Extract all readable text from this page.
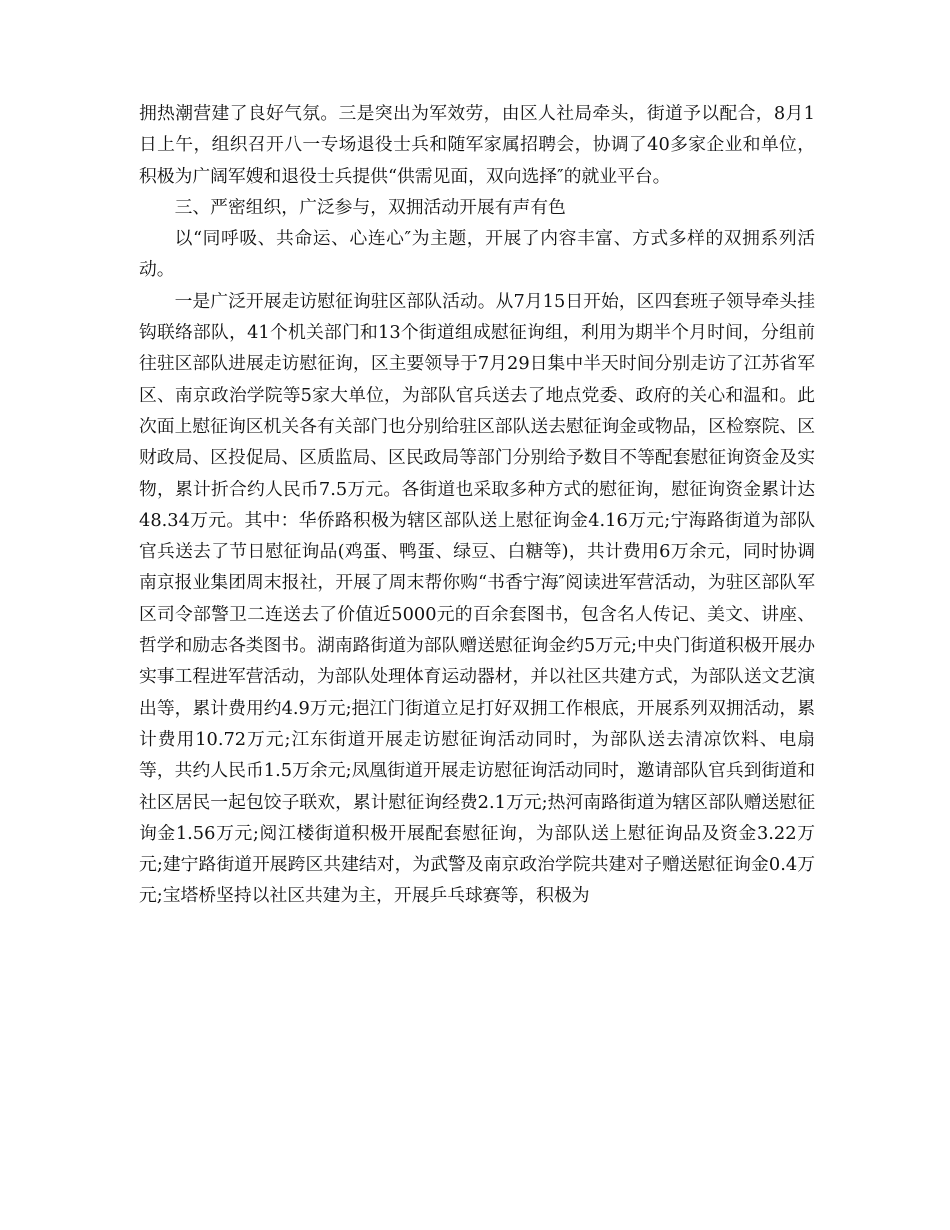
拥热潮营建了良好气氛。三是突出为军效劳，由区人社局牵头，街道予以配合，8月1日上午，组织召开八一专场退役士兵和随军家属招聘会，协调了40多家企业和单位，积极为广阔军嫂和退役士兵提供“供需见面，双向选择″的就业平台。

三、严密组织，广泛参与，双拥活动开展有声有色

以“同呼吸、共命运、心连心″为主题，开展了内容丰富、方式多样的双拥系列活动。

一是广泛开展走访慰征询驻区部队活动。从7月15日开始，区四套班子领导牵头挂钩联络部队，41个机关部门和13个街道组成慰征询组，利用为期半个月时间，分组前往驻区部队进展走访慰征询，区主要领导于7月29日集中半天时间分别走访了江苏省军区、南京政治学院等5家大单位，为部队官兵送去了地点党委、政府的关心和温和。此次面上慰征询区机关各有关部门也分别给驻区部队送去慰征询金或物品，区检察院、区财政局、区投促局、区质监局、区民政局等部门分别给予数目不等配套慰征询资金及实物，累计折合约人民币7.5万元。各街道也采取多种方式的慰征询，慰征询资金累计达48.34万元。其中：华侨路积极为辖区部队送上慰征询金4.16万元;宁海路街道为部队官兵送去了节日慰征询品(鸡蛋、鸭蛋、绿豆、白糖等)，共计费用6万余元，同时协调南京报业集团周末报社，开展了周末帮你购“书香宁海″阅读进军营活动，为驻区部队军区司令部警卫二连送去了价值近5000元的百余套图书，包含名人传记、美文、讲座、哲学和励志各类图书。湖南路街道为部队赠送慰征询金约5万元;中央门街道积极开展办实事工程进军营活动，为部队处理体育运动器材，并以社区共建方式，为部队送文艺演出等，累计费用约4.9万元;挹江门街道立足打好双拥工作根底，开展系列双拥活动，累计费用10.72万元;江东街道开展走访慰征询活动同时，为部队送去清凉饮料、电扇等，共约人民币1.5万余元;凤凰街道开展走访慰征询活动同时，邀请部队官兵到街道和社区居民一起包饺子联欢，累计慰征询经费2.1万元;热河南路街道为辖区部队赠送慰征询金1.56万元;阅江楼街道积极开展配套慰征询，为部队送上慰征询品及资金3.22万元;建宁路街道开展跨区共建结对，为武警及南京政治学院共建对子赠送慰征询金0.4万元;宝塔桥坚持以社区共建为主，开展乒乓球赛等，积极为
